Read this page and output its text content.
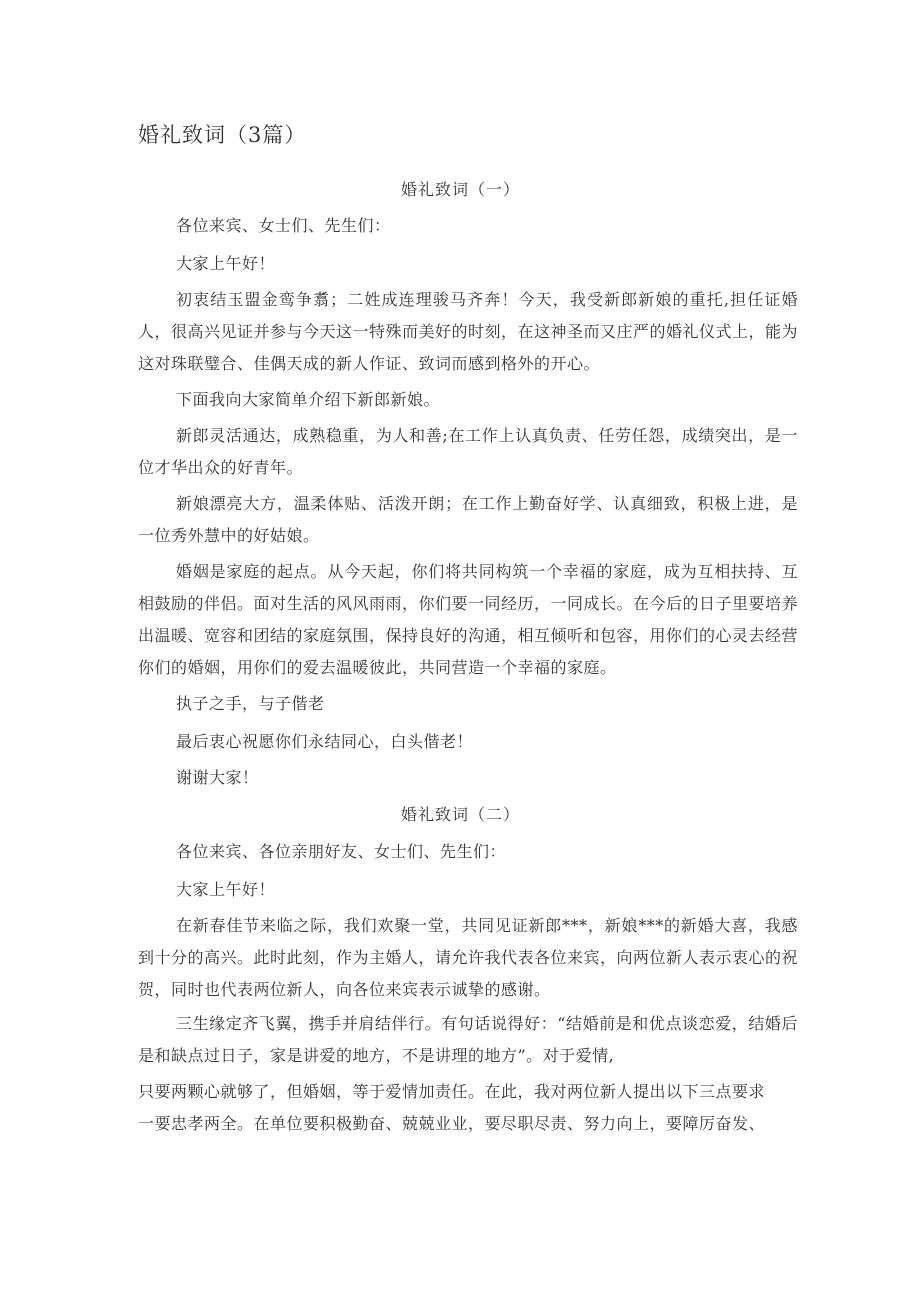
婚礼致词（3篇）
婚礼致词（一）

各位来宾、女士们、先生们：

大家上午好！

初衷结玉盟金鸾争翥；二姓成连理骏马齐奔！今天，我受新郎新娘的重托,担任证婚人，很高兴见证并参与今天这一特殊而美好的时刻，在这神圣而又庄严的婚礼仪式上，能为这对珠联璧合、佳偶天成的新人作证、致词而感到格外的开心。

下面我向大家简单介绍下新郎新娘。

新郎灵活通达，成熟稳重，为人和善;在工作上认真负责、任劳任怨，成绩突出，是一位才华出众的好青年。

新娘漂亮大方，温柔体贴、活泼开朗；在工作上勤奋好学、认真细致，积极上进，是一位秀外慧中的好姑娘。

婚姻是家庭的起点。从今天起，你们将共同构筑一个幸福的家庭，成为互相扶持、互相鼓励的伴侣。面对生活的风风雨雨，你们要一同经历，一同成长。在今后的日子里要培养出温暖、宽容和团结的家庭氛围，保持良好的沟通，相互倾听和包容，用你们的心灵去经营你们的婚姻，用你们的爱去温暖彼此，共同营造一个幸福的家庭。

执子之手，与子偕老

最后衷心祝愿你们永结同心，白头偕老！

谢谢大家！

婚礼致词（二）

各位来宾、各位亲朋好友、女士们、先生们：

大家上午好！

在新春佳节来临之际，我们欢聚一堂，共同见证新郎***，新娘***的新婚大喜，我感到十分的高兴。此时此刻，作为主婚人，请允许我代表各位来宾，向两位新人表示衷心的祝贺，同时也代表两位新人，向各位来宾表示诚挚的感谢。

三生缘定齐飞翼，携手并肩结伴行。有句话说得好：“结婚前是和优点谈恋爱，结婚后是和缺点过日子，家是讲爱的地方，不是讲理的地方”。对于爱情,

只要两颗心就够了，但婚姻，等于爱情加责任。在此，我对两位新人提出以下三点要求

一要忠孝两全。在单位要积极勤奋、兢兢业业，要尽职尽责、努力向上，要障厉奋发、
